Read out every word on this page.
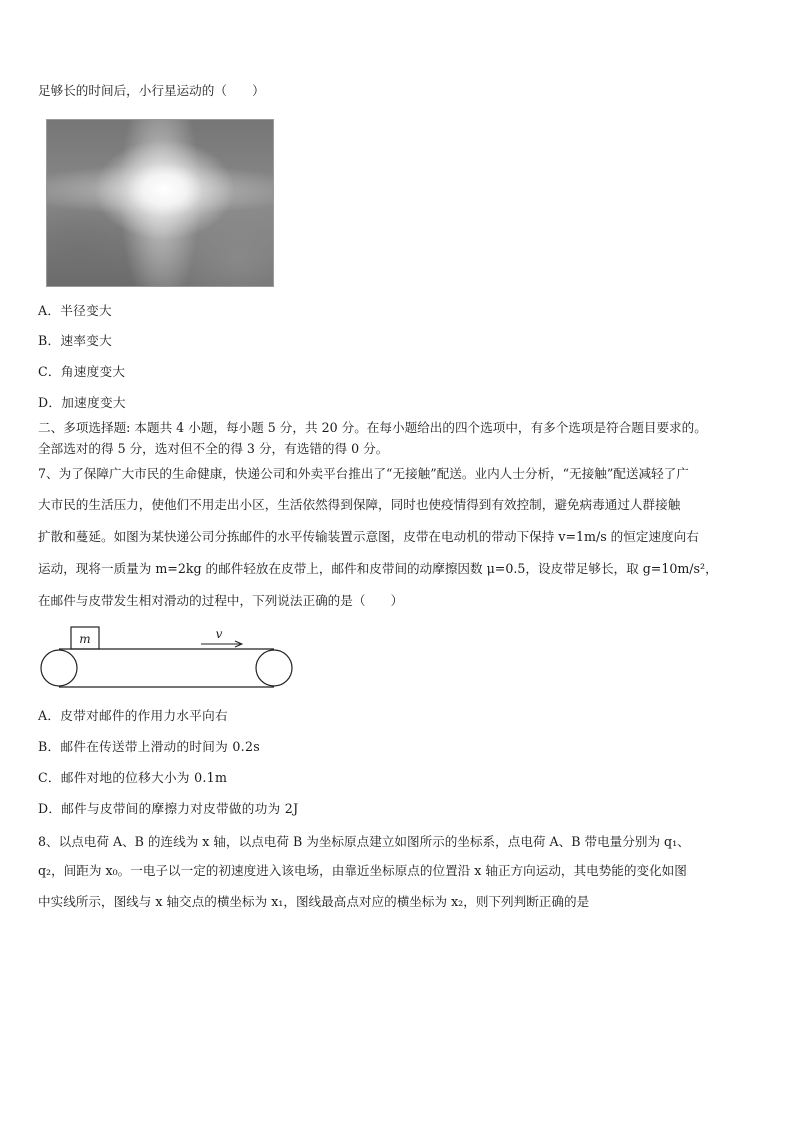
足够长的时间后，小行星运动的（　　）
A．半径变大
B．速率变大
C．角速度变大
D．加速度变大
二、多项选择题: 本题共 4 小题，每小题 5 分，共 20 分。在每小题给出的四个选项中，有多个选项是符合题目要求的。
全部选对的得 5 分，选对但不全的得 3 分，有选错的得 0 分。
7、为了保障广大市民的生命健康，快递公司和外卖平台推出了“无接触”配送。业内人士分析，“无接触”配送减轻了广
大市民的生活压力，使他们不用走出小区，生活依然得到保障，同时也使疫情得到有效控制，避免病毒通过人群接触
扩散和蔓延。如图为某快递公司分拣邮件的水平传输装置示意图，皮带在电动机的带动下保持 v=1m/s 的恒定速度向右
运动，现将一质量为 m=2kg 的邮件轻放在皮带上，邮件和皮带间的动摩擦因数 μ=0.5，设皮带足够长，取 g=10m/s²，
在邮件与皮带发生相对滑动的过程中，下列说法正确的是（　　）
m	v
A．皮带对邮件的作用力水平向右
B．邮件在传送带上滑动的时间为 0.2s
C．邮件对地的位移大小为 0.1m
D．邮件与皮带间的摩擦力对皮带做的功为 2J
8、以点电荷 A、B 的连线为 x 轴，以点电荷 B 为坐标原点建立如图所示的坐标系，点电荷 A、B 带电量分别为 q₁、
q₂，间距为 x₀。一电子以一定的初速度进入该电场，由靠近坐标原点的位置沿 x 轴正方向运动，其电势能的变化如图
中实线所示，图线与 x 轴交点的横坐标为 x₁，图线最高点对应的横坐标为 x₂，则下列判断正确的是
